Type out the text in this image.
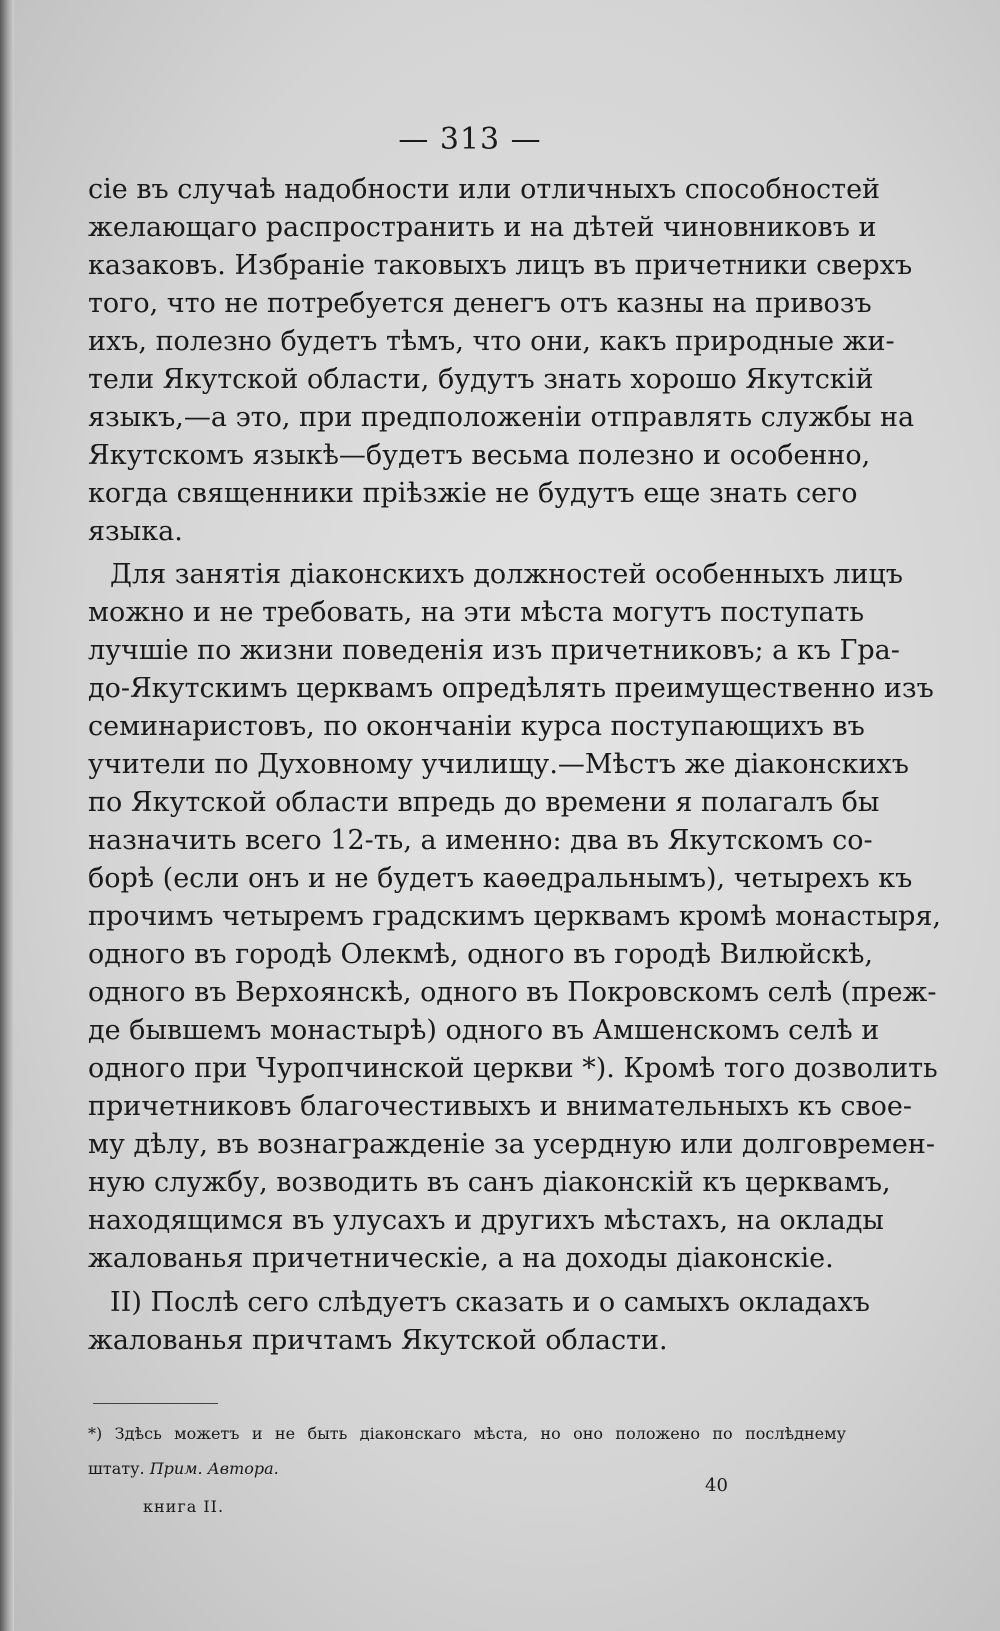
— 313 —
сіе въ случаѣ надобности или отличныхъ способностей
желающаго распространить и на дѣтей чиновниковъ и
казаковъ. Избраніе таковыхъ лицъ въ причетники сверхъ
того, что не потребуется денегъ отъ казны на привозъ
ихъ, полезно будетъ тѣмъ, что они, какъ природные жи-
тели Якутской области, будутъ знать хорошо Якутскій
языкъ,—а это, при предположеніи отправлять службы на
Якутскомъ языкѣ—будетъ весьма полезно и особенно,
когда священники пріѣзжіе не будутъ еще знать сего
языка.
Для занятія діаконскихъ должностей особенныхъ лицъ
можно и не требовать, на эти мѣста могутъ поступать
лучшіе по жизни поведенія изъ причетниковъ; а къ Гра-
до-Якутскимъ церквамъ опредѣлять преимущественно изъ
семинаристовъ, по окончаніи курса поступающихъ въ
учители по Духовному училищу.—Мѣстъ же діаконскихъ
по Якутской области впредь до времени я полагалъ бы
назначить всего 12-ть, а именно: два въ Якутскомъ со-
борѣ (если онъ и не будетъ каѳедральнымъ), четырехъ къ
прочимъ четыремъ градскимъ церквамъ кромѣ монастыря,
одного въ городѣ Олекмѣ, одного въ городѣ Вилюйскѣ,
одного въ Верхоянскѣ, одного въ Покровскомъ селѣ (преж-
де бывшемъ монастырѣ) одного въ Амшенскомъ селѣ и
одного при Чуропчинской церкви *). Кромѣ того дозволить
причетниковъ благочестивыхъ и внимательныхъ къ свое-
му дѣлу, въ вознагражденіе за усердную или долговремен-
ную службу, возводить въ санъ діаконскій къ церквамъ,
находящимся въ улусахъ и другихъ мѣстахъ, на оклады
жалованья причетническіе, а на доходы діаконскіе.
II) Послѣ сего слѣдуетъ сказать и о самыхъ окладахъ
жалованья причтамъ Якутской области.
*) Здѣсь можетъ и не быть діаконскаго мѣста, но оно положено по послѣднему
штату. Прим. Автора.
40
книга II.
